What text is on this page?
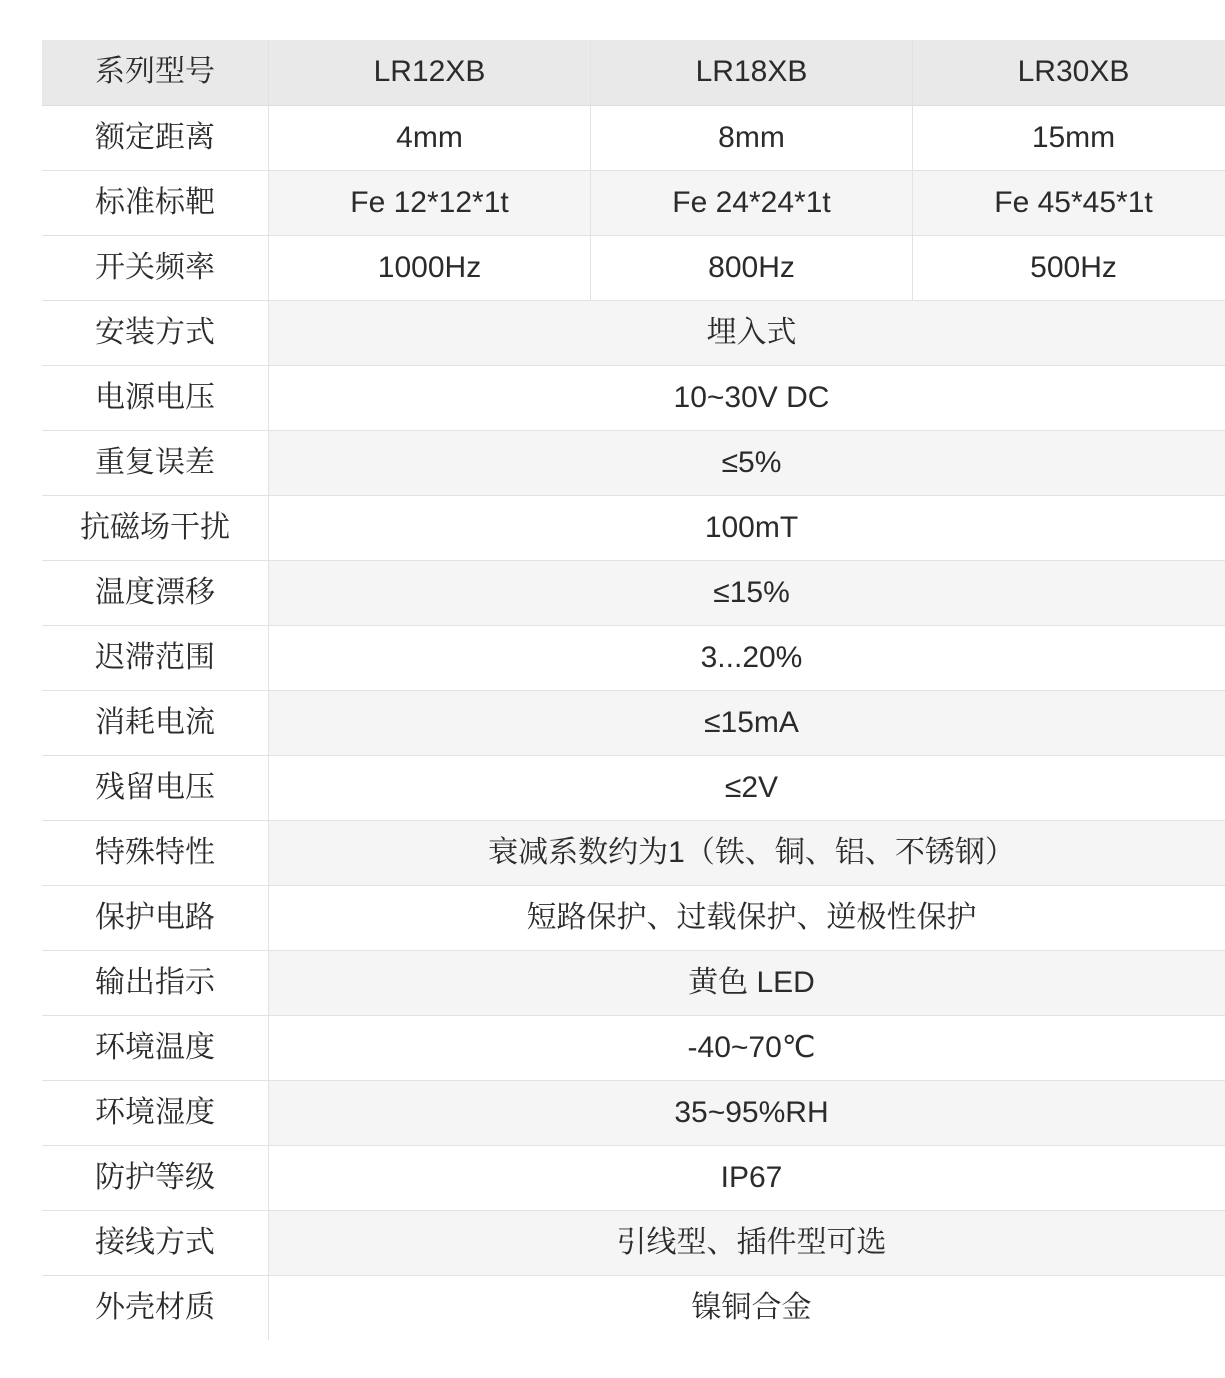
系列型号	LR12XB	LR18XB	LR30XB
额定距离	4mm	8mm	15mm
标准标靶	Fe 12*12*1t	Fe 24*24*1t	Fe 45*45*1t
开关频率	1000Hz	800Hz	500Hz
安装方式	埋入式		
电源电压	10~30V DC		
重复误差	≤5%		
抗磁场干扰	100mT		
温度漂移	≤15%		
迟滞范围	3...20%		
消耗电流	≤15mA		
残留电压	≤2V		
特殊特性	衰减系数约为1（铁、铜、铝、不锈钢）		
保护电路	短路保护、过载保护、逆极性保护		
输出指示	黄色 LED		
环境温度	-40~70℃		
环境湿度	35~95%RH		
防护等级	IP67		
接线方式	引线型、插件型可选		
外壳材质	镍铜合金		
